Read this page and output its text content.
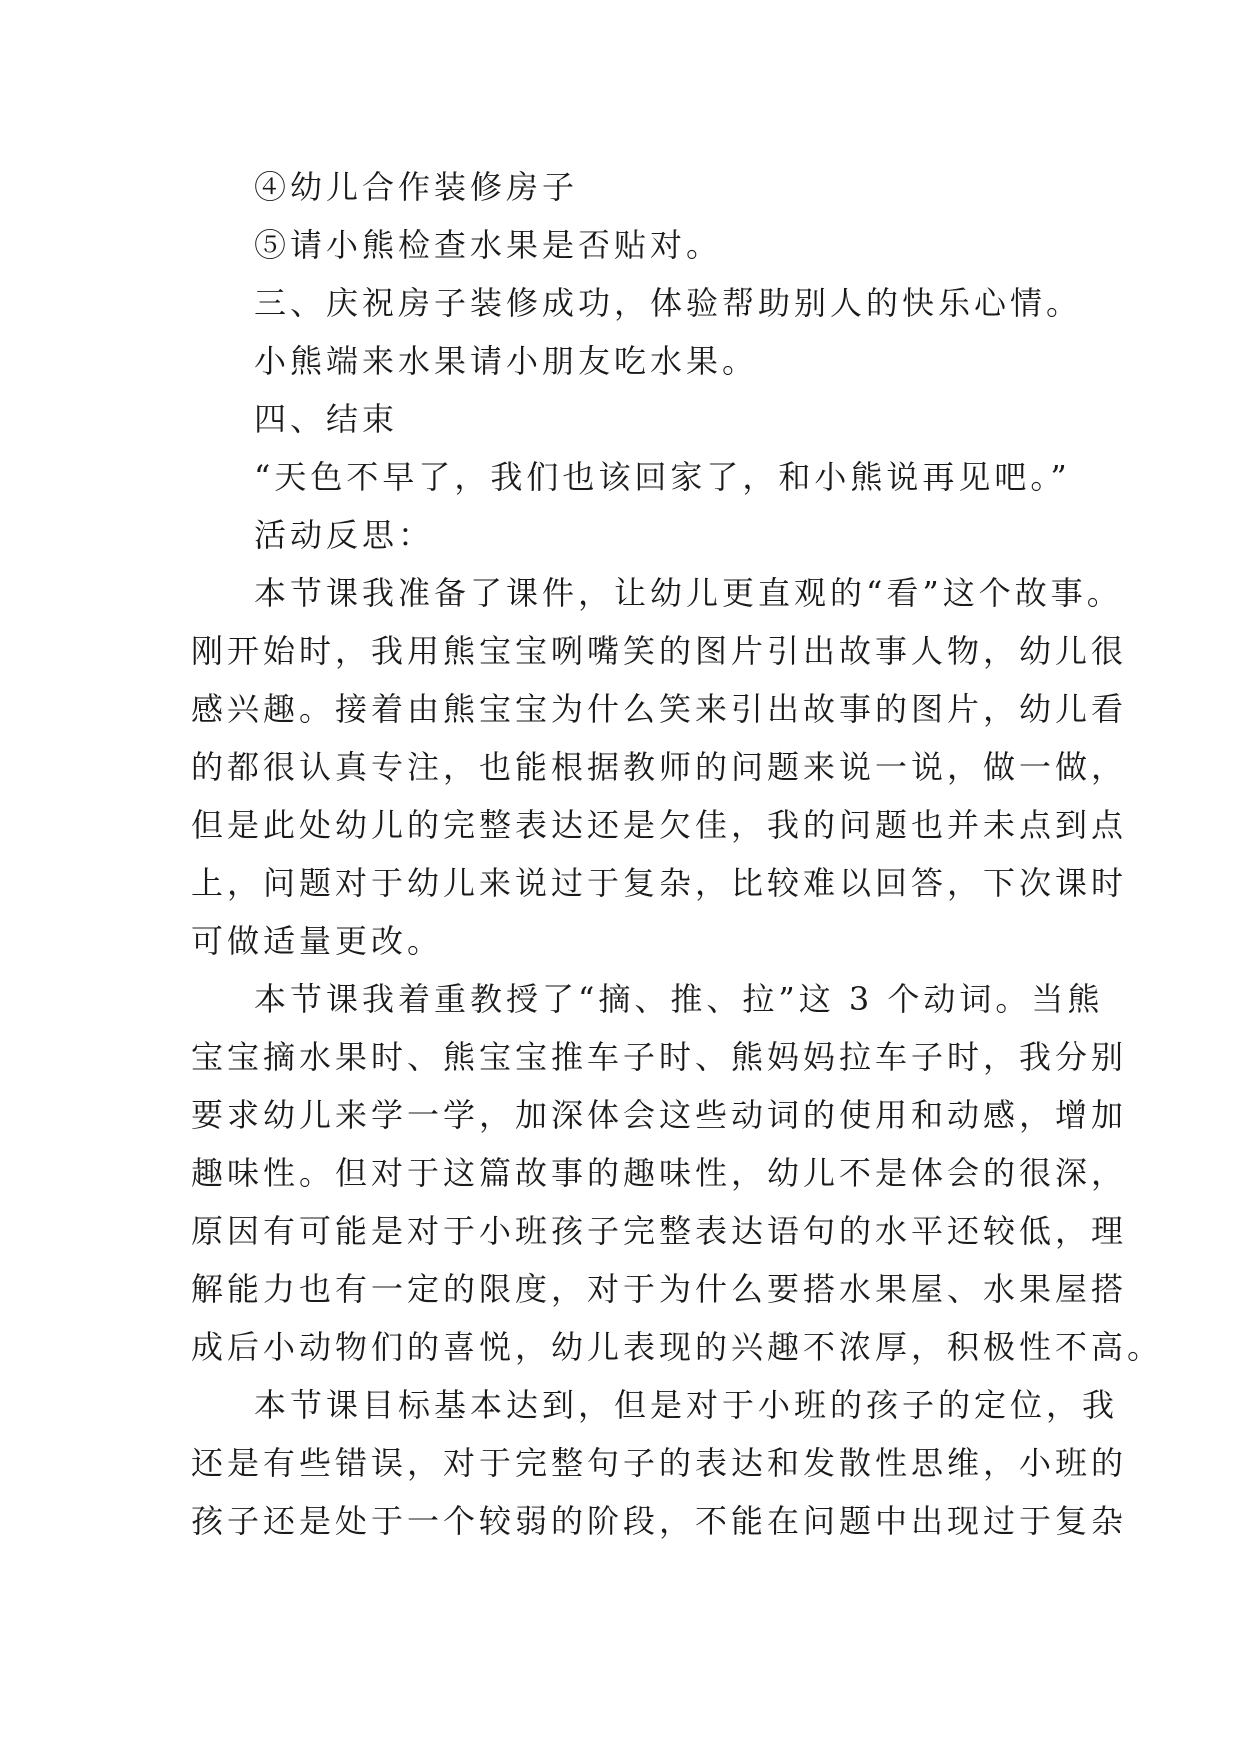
④幼儿合作装修房子
⑤请小熊检查水果是否贴对。
三、庆祝房子装修成功，体验帮助别人的快乐心情。
小熊端来水果请小朋友吃水果。
四、结束
“天色不早了，我们也该回家了，和小熊说再见吧。”
活动反思：
本节课我准备了课件，让幼儿更直观的“看”这个故事。
刚开始时，我用熊宝宝咧嘴笑的图片引出故事人物，幼儿很
感兴趣。接着由熊宝宝为什么笑来引出故事的图片，幼儿看
的都很认真专注，也能根据教师的问题来说一说，做一做，
但是此处幼儿的完整表达还是欠佳，我的问题也并未点到点
上，问题对于幼儿来说过于复杂，比较难以回答，下次课时
可做适量更改。
本节课我着重教授了“摘、推、拉”这 3 个动词。当熊
宝宝摘水果时、熊宝宝推车子时、熊妈妈拉车子时，我分别
要求幼儿来学一学，加深体会这些动词的使用和动感，增加
趣味性。但对于这篇故事的趣味性，幼儿不是体会的很深，
原因有可能是对于小班孩子完整表达语句的水平还较低，理
解能力也有一定的限度，对于为什么要搭水果屋、水果屋搭
成后小动物们的喜悦，幼儿表现的兴趣不浓厚，积极性不高。
本节课目标基本达到，但是对于小班的孩子的定位，我
还是有些错误，对于完整句子的表达和发散性思维，小班的
孩子还是处于一个较弱的阶段，不能在问题中出现过于复杂
